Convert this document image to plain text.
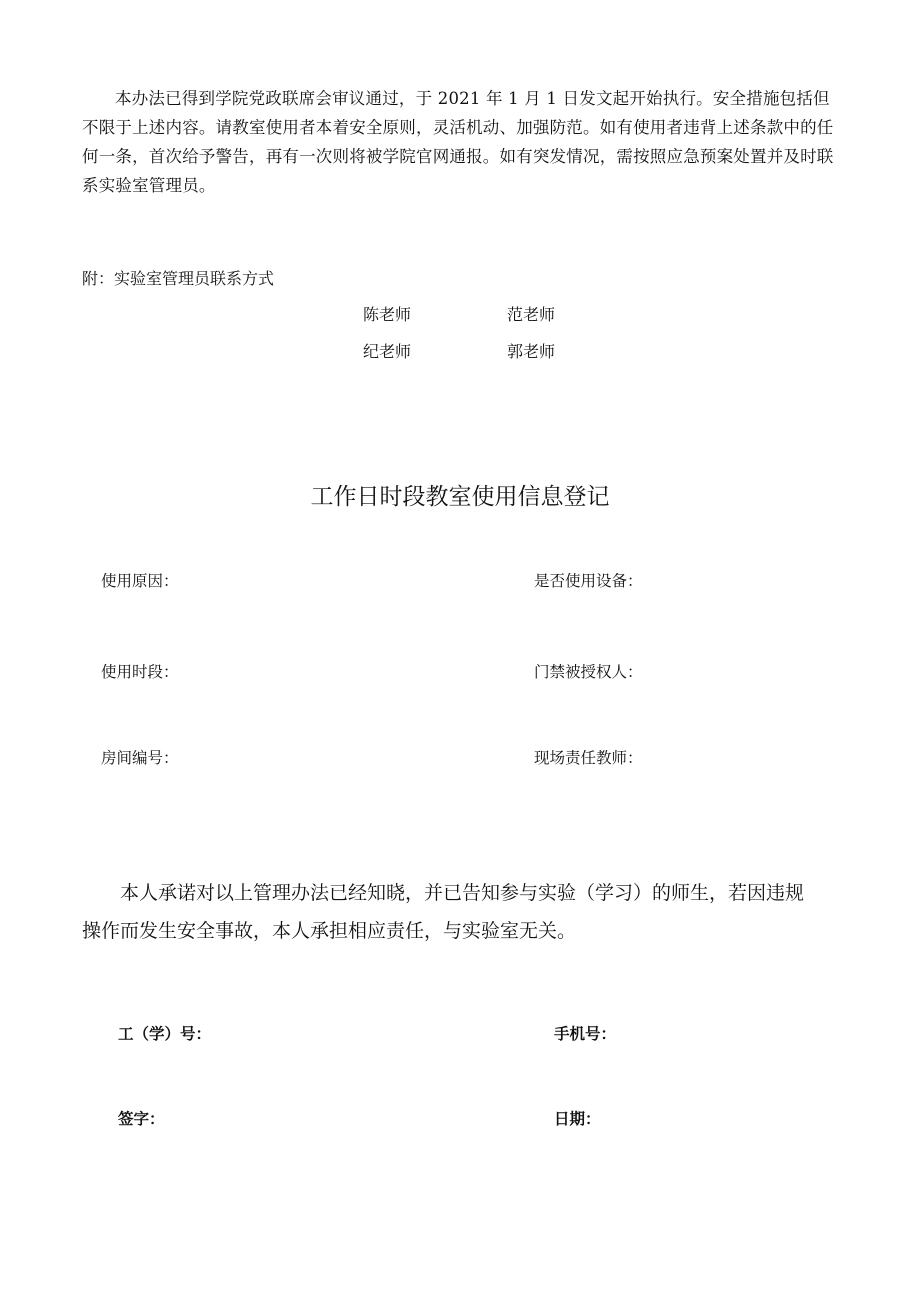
本办法已得到学院党政联席会审议通过，于 2021 年 1 月 1 日发文起开始执行。安全措施包括但
不限于上述内容。请教室使用者本着安全原则，灵活机动、加强防范。如有使用者违背上述条款中的任
何一条，首次给予警告，再有一次则将被学院官网通报。如有突发情况，需按照应急预案处置并及时联
系实验室管理员。
附：实验室管理员联系方式
陈老师	范老师
纪老师	郭老师
工作日时段教室使用信息登记
使用原因：	是否使用设备：
使用时段：	门禁被授权人：
房间编号：	现场责任教师：
本人承诺对以上管理办法已经知晓，并已告知参与实验（学习）的师生，若因违规
操作而发生安全事故，本人承担相应责任，与实验室无关。
工（学）号：	手机号：
签字：	日期：
